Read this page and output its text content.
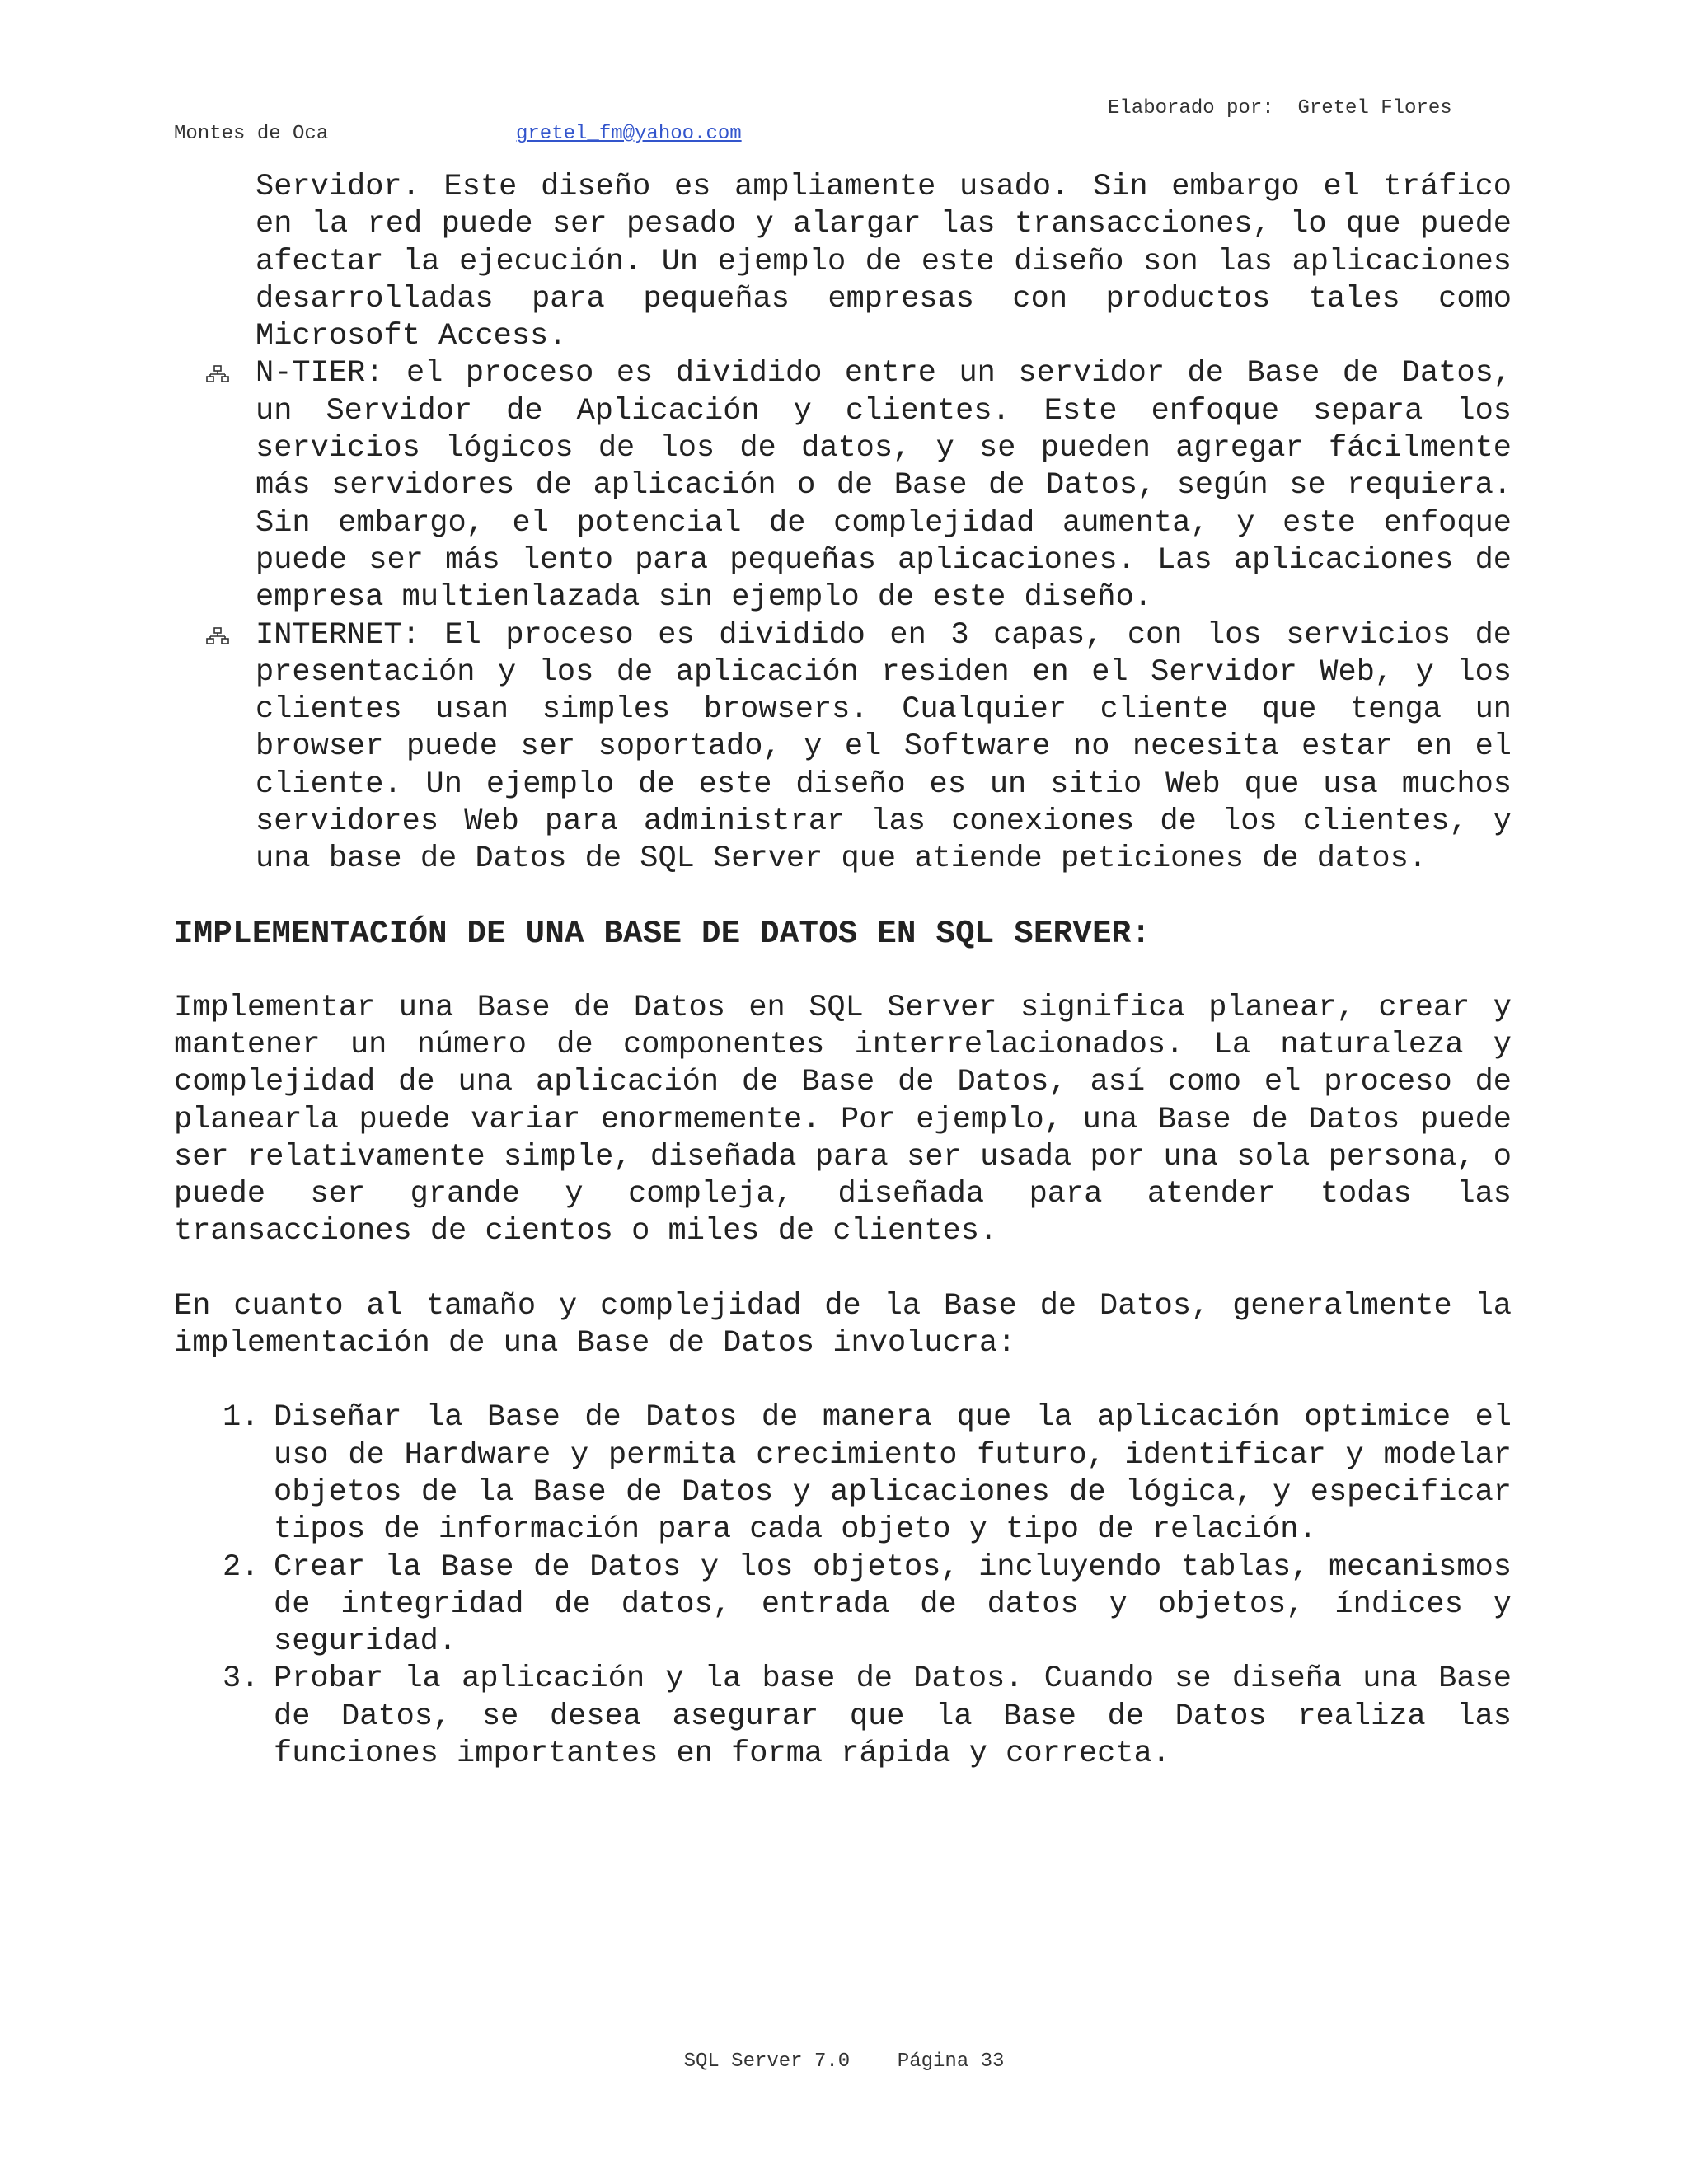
Elaborado por:  Gretel Flores
Montes de Oca	gretel_fm@yahoo.com

Servidor. Este diseño es ampliamente usado. Sin embargo el tráfico en la red puede ser pesado y alargar las transacciones, lo que puede afectar la ejecución. Un ejemplo de este diseño son las aplicaciones desarrolladas para pequeñas empresas con productos tales como Microsoft Access.

N-TIER: el proceso es dividido entre un servidor de Base de Datos, un Servidor de Aplicación y clientes. Este enfoque separa los servicios lógicos de los de datos, y se pueden agregar fácilmente más servidores de aplicación o de Base de Datos, según se requiera. Sin embargo, el potencial de complejidad aumenta, y este enfoque puede ser más lento para pequeñas aplicaciones. Las aplicaciones de empresa multienlazada sin ejemplo de este diseño.

INTERNET: El proceso es dividido en 3 capas, con los servicios de presentación y los de aplicación residen en el Servidor Web, y los clientes usan simples browsers. Cualquier cliente que tenga un browser puede ser soportado, y el Software no necesita estar en el cliente. Un ejemplo de este diseño es un sitio Web que usa muchos servidores Web para administrar las conexiones de los clientes, y una base de Datos de SQL Server que atiende peticiones de datos.

IMPLEMENTACIÓN DE UNA BASE DE DATOS EN SQL SERVER:

Implementar una Base de Datos en SQL Server significa planear, crear y mantener un número de componentes interrelacionados. La naturaleza y complejidad de una aplicación de Base de Datos, así como el proceso de planearla puede variar enormemente. Por ejemplo, una Base de Datos puede ser relativamente simple, diseñada para ser usada por una sola persona, o puede ser grande y compleja, diseñada para atender todas las transacciones de cientos o miles de clientes.

En cuanto al tamaño y complejidad de la Base de Datos, generalmente la implementación de una Base de Datos involucra:

1. Diseñar la Base de Datos de manera que la aplicación optimice el uso de Hardware y permita crecimiento futuro, identificar y modelar objetos de la Base de Datos y aplicaciones de lógica, y especificar tipos de información para cada objeto y tipo de relación.

2. Crear la Base de Datos y los objetos, incluyendo tablas, mecanismos de integridad de datos, entrada de datos y objetos, índices y seguridad.

3. Probar la aplicación y la base de Datos. Cuando se diseña una Base de Datos, se desea asegurar que la Base de Datos realiza las funciones importantes en forma rápida y correcta.

SQL Server 7.0    Página 33
